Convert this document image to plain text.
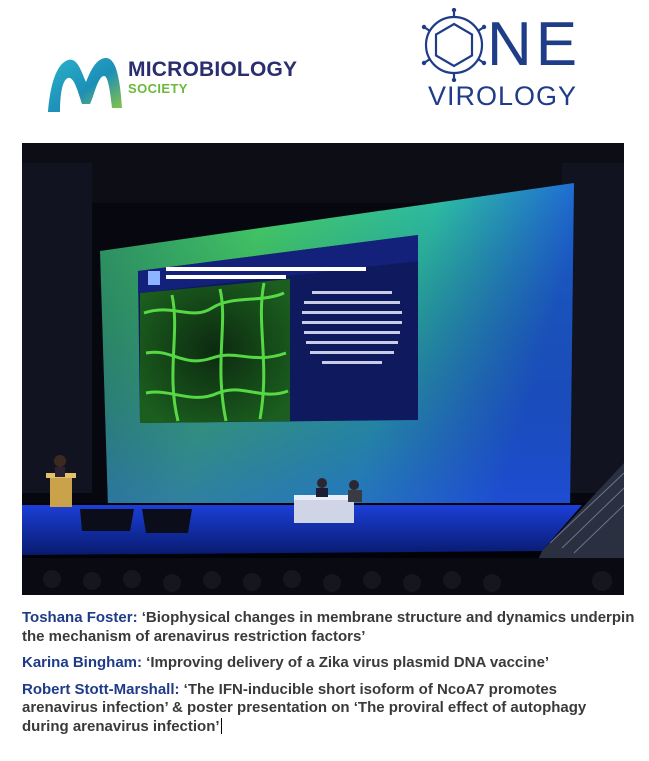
MICROBIOLOGY
SOCIETY
NE
VIROLOGY

Toshana Foster: ‘Biophysical changes in membrane structure and dynamics underpin the mechanism of arenavirus restriction factors’

Karina Bingham: ‘Improving delivery of a Zika virus plasmid DNA vaccine’

Robert Stott-Marshall: ‘The IFN-inducible short isoform of NcoA7 promotes arenavirus infection’ & poster presentation on ‘The proviral effect of autophagy during arenavirus infection’
